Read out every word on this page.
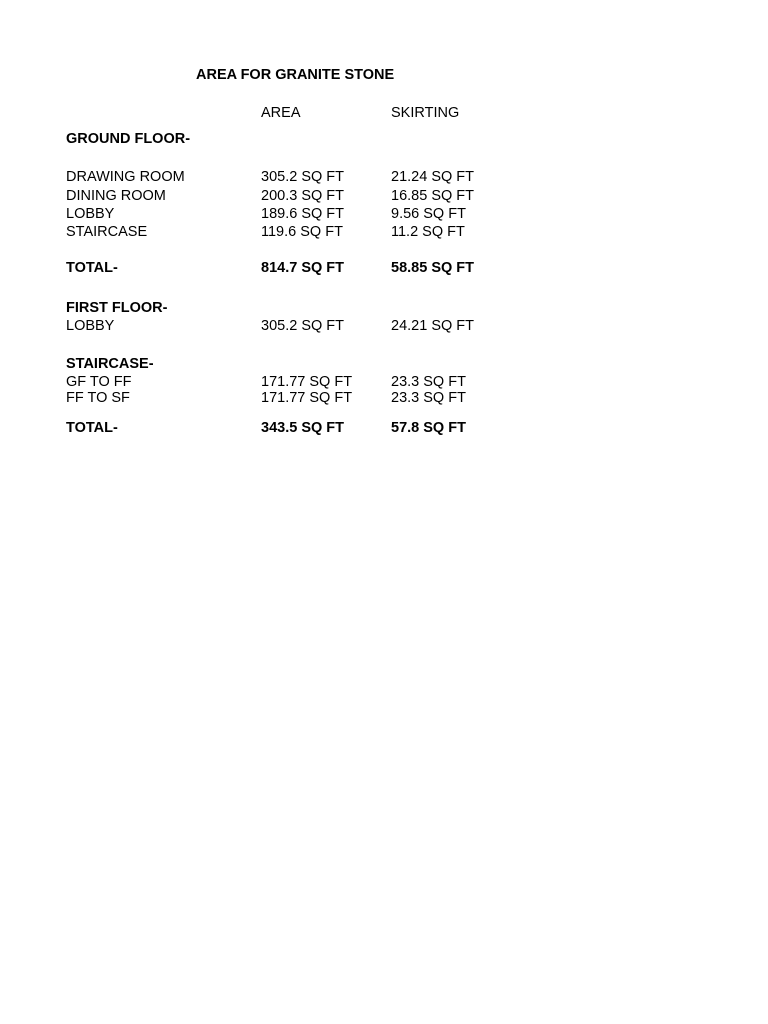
AREA FOR GRANITE STONE
AREA	SKIRTING
GROUND FLOOR-
DRAWING ROOM	305.2 SQ FT	21.24 SQ FT
DINING ROOM	200.3 SQ FT	16.85 SQ FT
LOBBY	189.6 SQ FT	9.56 SQ FT
STAIRCASE	119.6 SQ FT	11.2 SQ FT
TOTAL-	814.7 SQ FT	58.85 SQ FT
FIRST FLOOR-
LOBBY	305.2 SQ FT	24.21 SQ FT
STAIRCASE-
GF TO FF	171.77 SQ FT	23.3 SQ FT
FF TO SF	171.77 SQ FT	23.3 SQ FT
TOTAL-	343.5 SQ FT	57.8 SQ FT
